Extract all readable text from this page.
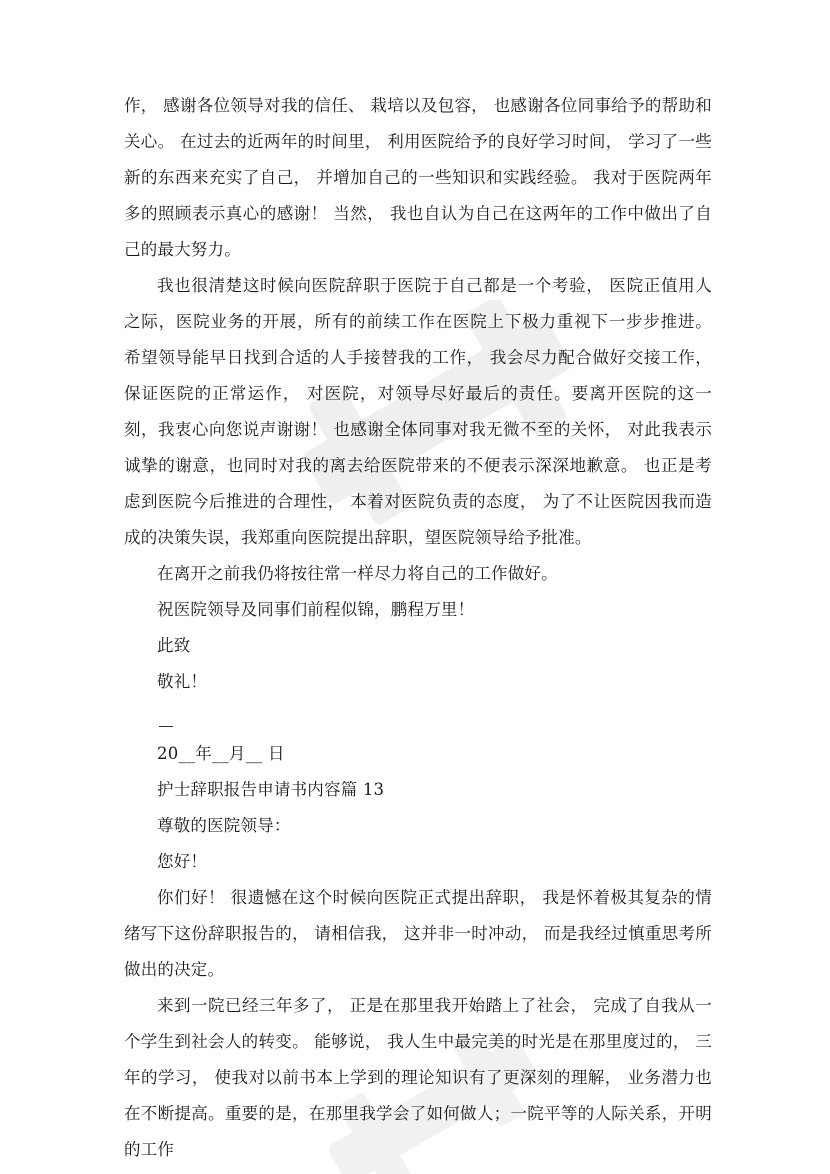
作， 感谢各位领导对我的信任、 栽培以及包容， 也感谢各位同事给予的帮助和关心。 在过去的近两年的时间里， 利用医院给予的良好学习时间， 学习了一些新的东西来充实了自己， 并增加自己的一些知识和实践经验。 我对于医院两年多的照顾表示真心的感谢！ 当然， 我也自认为自己在这两年的工作中做出了自己的最大努力。

我也很清楚这时候向医院辞职于医院于自己都是一个考验， 医院正值用人之际，医院业务的开展，所有的前续工作在医院上下极力重视下一步步推进。 希望领导能早日找到合适的人手接替我的工作， 我会尽力配合做好交接工作， 保证医院的正常运作， 对医院，对领导尽好最后的责任。要离开医院的这一刻，我衷心向您说声谢谢！ 也感谢全体同事对我无微不至的关怀， 对此我表示诚挚的谢意，也同时对我的离去给医院带来的不便表示深深地歉意。 也正是考虑到医院今后推进的合理性， 本着对医院负责的态度， 为了不让医院因我而造成的决策失误，我郑重向医院提出辞职，望医院领导给予批准。

在离开之前我仍将按往常一样尽力将自己的工作做好。

祝医院领导及同事们前程似锦，鹏程万里！

此致

敬礼！

20__年__月__ 日

护士辞职报告申请书内容篇 13

尊敬的医院领导：

您好！

你们好！ 很遗憾在这个时候向医院正式提出辞职， 我是怀着极其复杂的情绪写下这份辞职报告的， 请相信我， 这并非一时冲动， 而是我经过慎重思考所做出的决定。

来到一院已经三年多了， 正是在那里我开始踏上了社会， 完成了自我从一个学生到社会人的转变。 能够说， 我人生中最完美的时光是在那里度过的， 三年的学习， 使我对以前书本上学到的理论知识有了更深刻的理解， 业务潜力也在不断提高。重要的是，在那里我学会了如何做人；一院平等的人际关系，开明的工作
